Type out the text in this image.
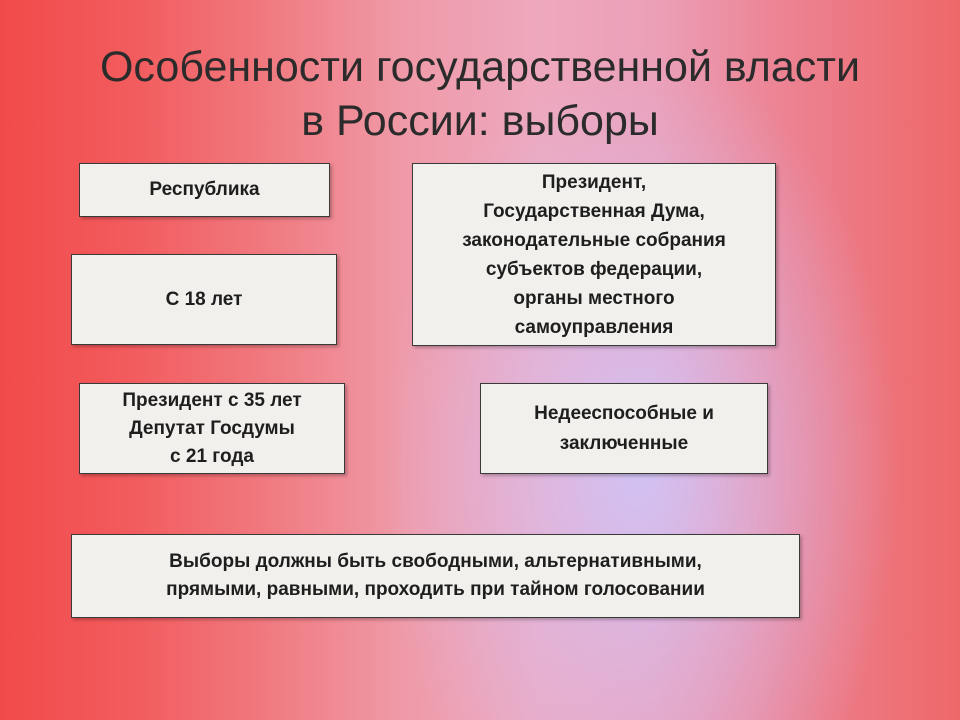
Особенности государственной власти
в России: выборы
Республика
С 18 лет
Президент,
Государственная Дума,
законодательные собрания
субъектов федерации,
органы местного
самоуправления
Президент с 35 лет
Депутат Госдумы
с 21 года
Недееспособные и
заключенные
Выборы должны быть свободными, альтернативными,
прямыми, равными, проходить при тайном голосовании
